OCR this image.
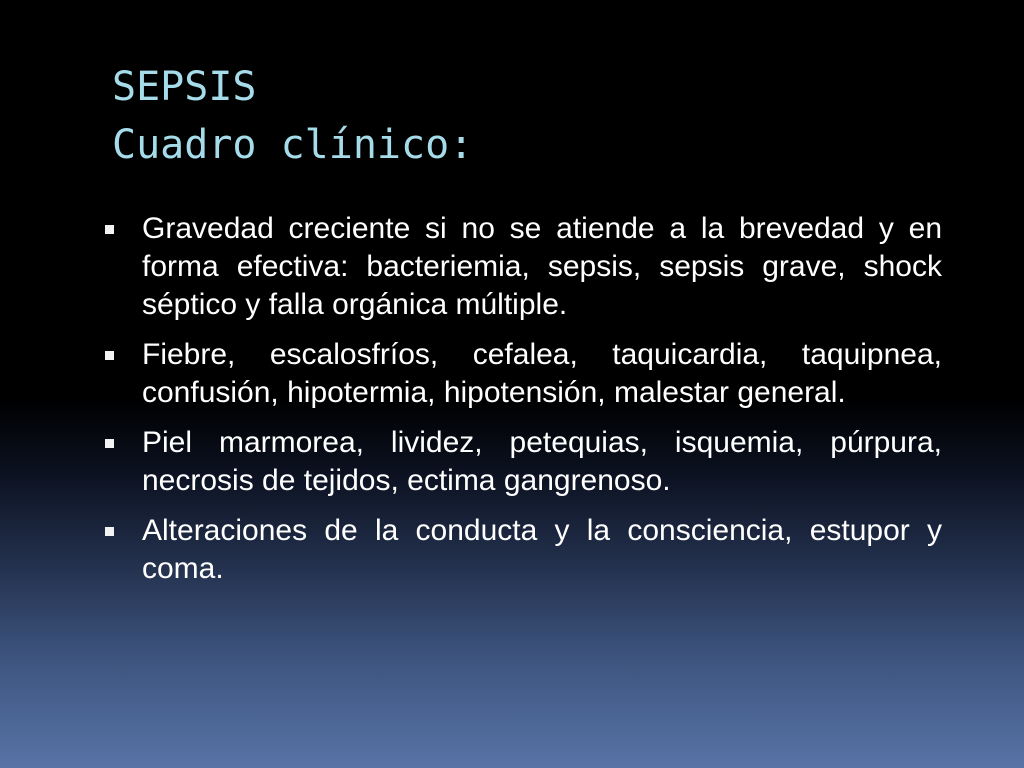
SEPSIS
Cuadro clínico:
Gravedad creciente si no se atiende a la brevedad y en forma efectiva: bacteriemia, sepsis, sepsis grave, shock séptico y falla orgánica múltiple.
Fiebre, escalosfríos, cefalea, taquicardia, taquipnea, confusión, hipotermia, hipotensión, malestar general.
Piel marmorea, lividez, petequias, isquemia, púrpura, necrosis de tejidos, ectima gangrenoso.
Alteraciones de la conducta y la consciencia, estupor y coma.
